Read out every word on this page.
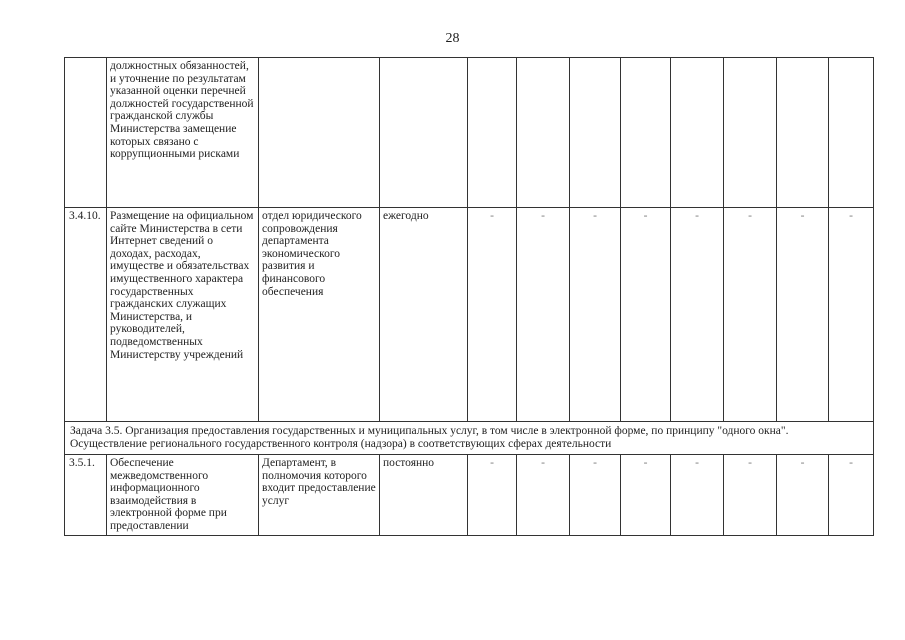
28
	должностных обязанностей, и уточнение по результатам указанной оценки перечней должностей государственной гражданской службы Министерства замещение которых связано с коррупционными рисками										
3.4.10.	Размещение на официальном сайте Министерства в сети Интернет сведений о доходах, расходах, имуществе и обязательствах имущественного характера государственных гражданских служащих Министерства, и руководителей, подведомственных Министерству учреждений	отдел юридического сопровождения департамента экономического развития и финансового обеспечения	ежегодно	-	-	-	-	-	-	-	-
Задача 3.5. Организация предоставления государственных и муниципальных услуг, в том числе в электронной форме, по принципу "одного окна". Осуществление регионального государственного контроля (надзора) в соответствующих сферах деятельности											
3.5.1.	Обеспечение межведомственного информационного взаимодействия в электронной форме при предоставлении	Департамент, в полномочия которого входит предоставление услуг	постоянно	-	-	-	-	-	-	-	-
